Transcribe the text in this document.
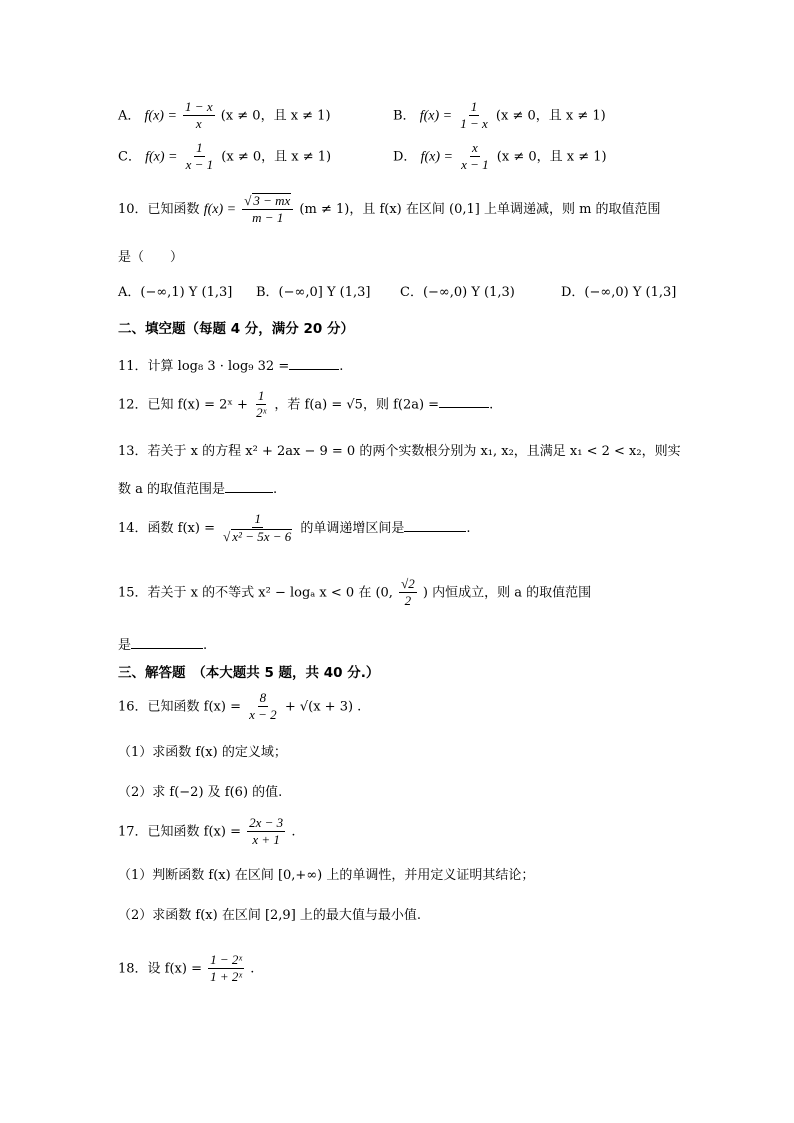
A． $f(x) = \frac{1 - x}{x} (x \ne 0$，且 x ≠ 1)	B． $f(x) = \frac{1}{1 - x} (x \ne 0$，且 x ≠ 1)
C． $f(x) = \frac{1}{x - 1} (x \ne 0$，且 x ≠ 1)	D． $f(x) = \frac{x}{x - 1} (x \ne 0$，且 x ≠ 1)
10．已知函数 $f(x) = \frac{√ 3 - mx}{m - 1} (m \ne 1)$，且 f(x) 在区间 (0,1] 上单调递减，则 m 的取值范围
是（　　）
A．(−∞,1) Y (1,3] B．(−∞,0] Y (1,3] C．(−∞,0) Y (1,3)	D．(−∞,0) Y (1,3]
二、填空题（每题 4 分，满分 20 分）
11．计算 log₈ 3 · log₉ 32 =	.
12．已知 f(x) = 2ˣ + $\frac{1}{\text{2ˣ}}$ ，若 f(a) = √5，则 f(2a) =	.
13．若关于 x 的方程 x² + 2ax − 9 = 0 的两个实数根分别为 x₁, x₂，且满足 x₁ < 2 < x₂，则实
数 a 的取值范围是	.
14．函数 $f(x) = \frac{1}{\text{√ x² − 5x − 6}}$ 的单调递增区间是	.
15．若关于 x 的不等式 x² − logₐ x < 0 在 (0, $\frac{√2}{2}$ ) 内恒成立，则 a 的取值范围
是	.
三、解答题　（本大题共 5 题，共 40 分.）
16．已知函数 $f(x) = \frac{8}{x - 2} + √(x + 3)$ .
（1）求函数 f(x) 的定义域；
（2）求 f(−2) 及 f(6) 的值.
17．已知函数 $f(x) = \frac{2x - 3}{x + 1}$ .
（1）判断函数 f(x) 在区间 [0,+∞) 上的单调性，并用定义证明其结论；
（2）求函数 f(x) 在区间 [2,9] 上的最大值与最小值.
18．设 $f(x) = \frac{\text{1 − 2ˣ}}{\text{1 + 2ˣ}}$ .
